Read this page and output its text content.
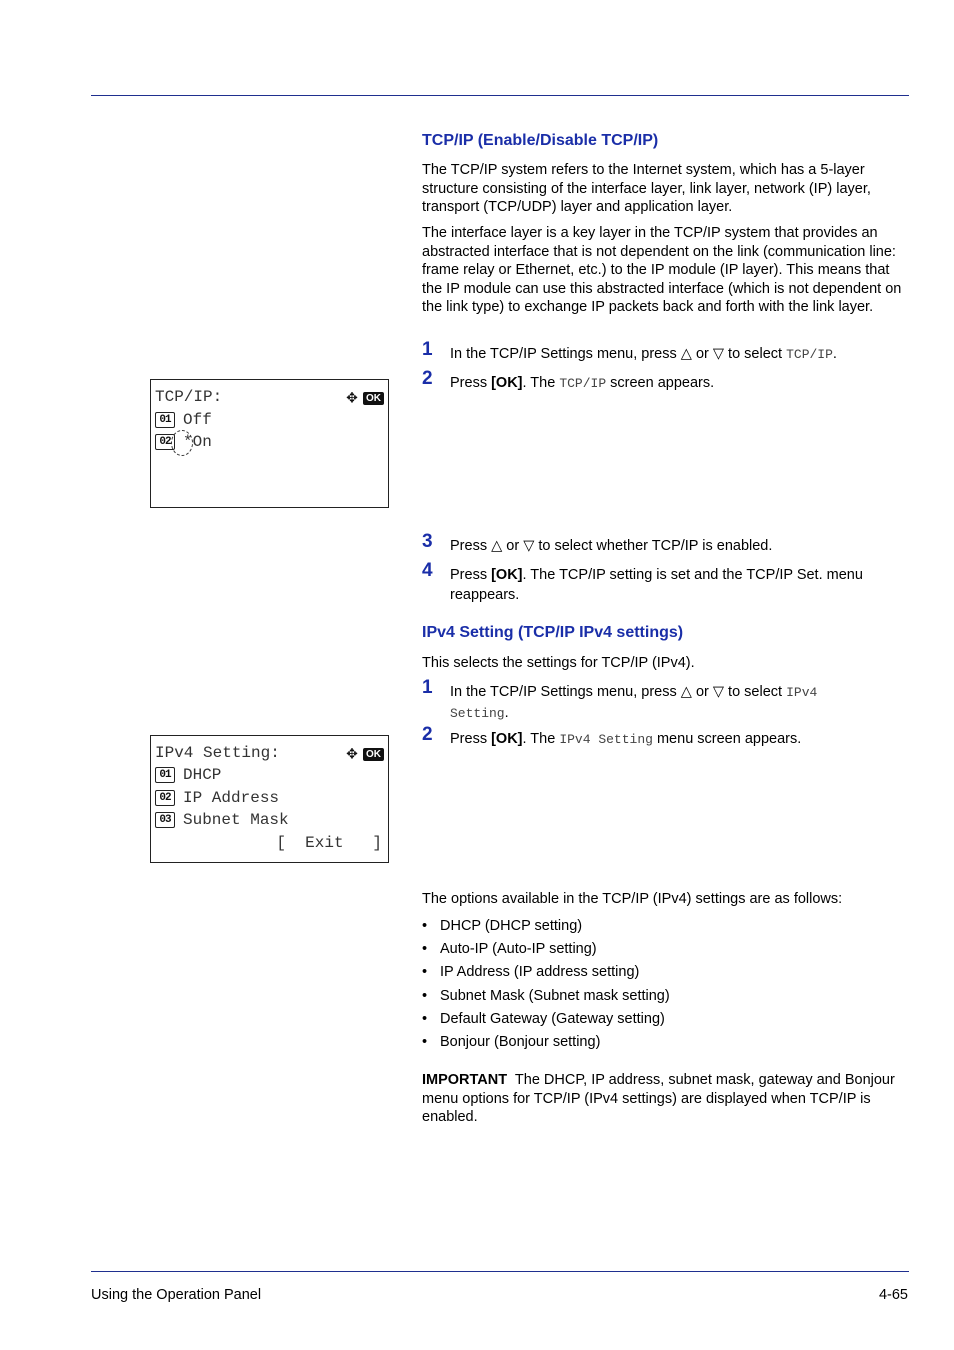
TCP/IP (Enable/Disable TCP/IP)
The TCP/IP system refers to the Internet system, which has a 5-layer structure consisting of the interface layer, link layer, network (IP) layer, transport (TCP/UDP) layer and application layer.
The interface layer is a key layer in the TCP/IP system that provides an abstracted interface that is not dependent on the link (communication line: frame relay or Ethernet, etc.) to the IP module (IP layer). This means that the IP module can use this abstracted interface (which is not dependent on the link type) to exchange IP packets back and forth with the link layer.
1 In the TCP/IP Settings menu, press △ or ▽ to select TCP/IP.
2 Press [OK]. The TCP/IP screen appears.
TCP/IP:	✥ OK
01 Off
02 *On
3 Press △ or ▽ to select whether TCP/IP is enabled.
4 Press [OK]. The TCP/IP setting is set and the TCP/IP Set. menu reappears.
IPv4 Setting (TCP/IP IPv4 settings)
This selects the settings for TCP/IP (IPv4).
1 In the TCP/IP Settings menu, press △ or ▽ to select IPv4
Setting.
2 Press [OK]. The IPv4 Setting menu screen appears.
IPv4 Setting:	✥ OK
01 DHCP
02 IP Address
03 Subnet Mask
[  Exit   ]
The options available in the TCP/IP (IPv4) settings are as follows:
• DHCP (DHCP setting)
• Auto-IP (Auto-IP setting)
• IP Address (IP address setting)
• Subnet Mask (Subnet mask setting)
• Default Gateway (Gateway setting)
• Bonjour (Bonjour setting)
IMPORTANT The DHCP, IP address, subnet mask, gateway and Bonjour menu options for TCP/IP (IPv4 settings) are displayed when TCP/IP is enabled.
Using the Operation Panel	4-65
